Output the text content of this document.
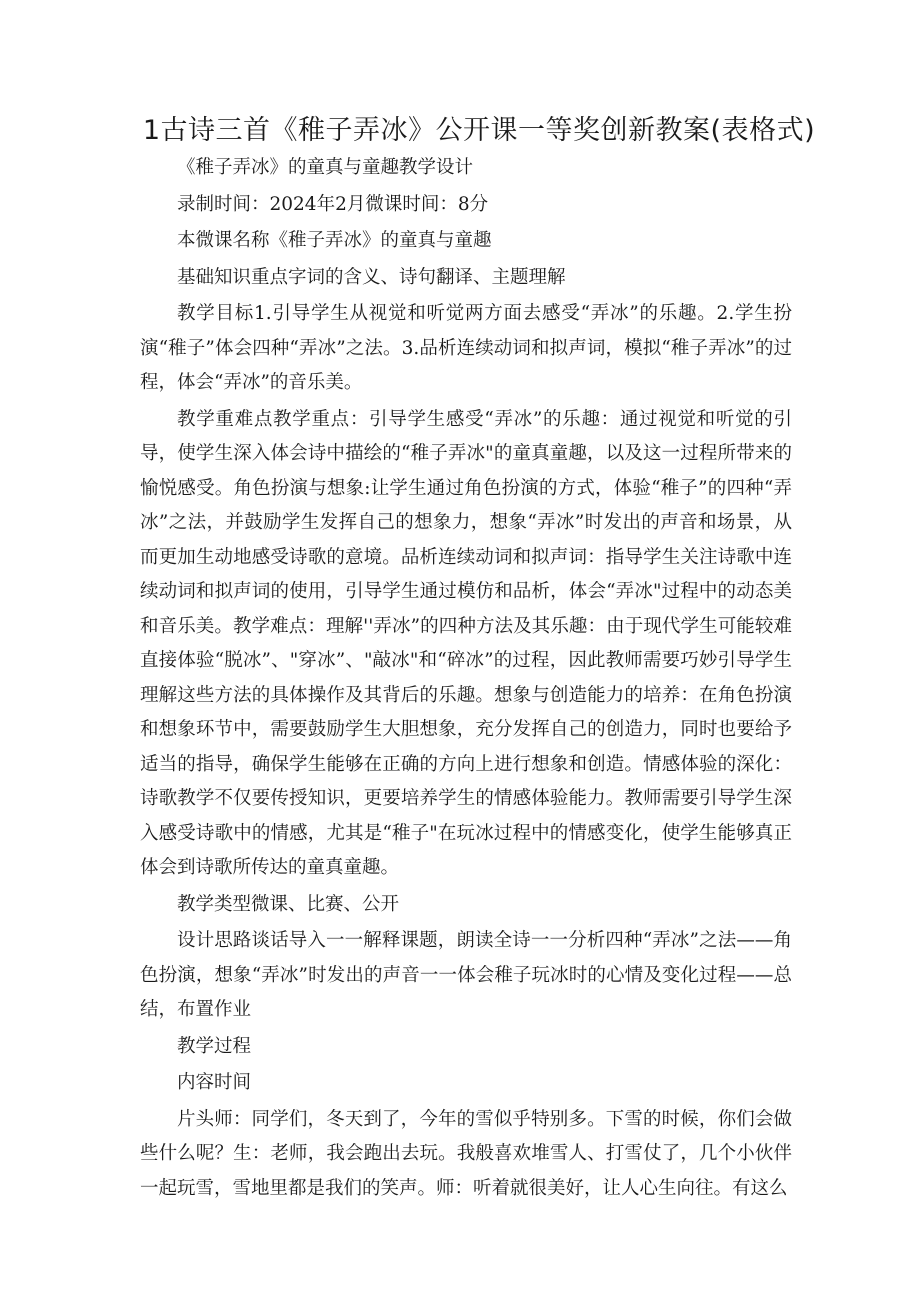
1古诗三首《稚子弄冰》公开课一等奖创新教案(表格式)

《稚子弄冰》的童真与童趣教学设计

录制时间：2024年2月微课时间：8分

本微课名称《稚子弄冰》的童真与童趣

基础知识重点字词的含义、诗句翻译、主题理解

教学目标1.引导学生从视觉和听觉两方面去感受“弄冰”的乐趣。2.学生扮演“稚子”体会四种“弄冰”之法。3.品析连续动词和拟声词，模拟“稚子弄冰”的过程，体会“弄冰”的音乐美。

教学重难点教学重点：引导学生感受“弄冰”的乐趣：通过视觉和听觉的引导，使学生深入体会诗中描绘的“稚子弄冰"的童真童趣，以及这一过程所带来的愉悦感受。角色扮演与想象:让学生通过角色扮演的方式，体验“稚子”的四种“弄冰”之法，并鼓励学生发挥自己的想象力，想象“弄冰”时发出的声音和场景，从而更加生动地感受诗歌的意境。品析连续动词和拟声词：指导学生关注诗歌中连续动词和拟声词的使用，引导学生通过模仿和品析，体会“弄冰"过程中的动态美和音乐美。教学难点：理解''弄冰”的四种方法及其乐趣：由于现代学生可能较难直接体验“脱冰”、"穿冰”、"敲冰"和“碎冰”的过程，因此教师需要巧妙引导学生理解这些方法的具体操作及其背后的乐趣。想象与创造能力的培养：在角色扮演和想象环节中，需要鼓励学生大胆想象，充分发挥自己的创造力，同时也要给予适当的指导，确保学生能够在正确的方向上进行想象和创造。情感体验的深化：诗歌教学不仅要传授知识，更要培养学生的情感体验能力。教师需要引导学生深入感受诗歌中的情感，尤其是“稚子"在玩冰过程中的情感变化，使学生能够真正体会到诗歌所传达的童真童趣。

教学类型微课、比赛、公开

设计思路谈话导入一一解释课题，朗读全诗一一分析四种“弄冰”之法——角色扮演，想象“弄冰”时发出的声音一一体会稚子玩冰时的心情及变化过程——总结，布置作业

教学过程

内容时间

片头师：同学们，冬天到了，今年的雪似乎特别多。下雪的时候，你们会做些什么呢？生：老师，我会跑出去玩。我般喜欢堆雪人、打雪仗了，几个小伙伴一起玩雪，雪地里都是我们的笑声。师：听着就很美好，让人心生向往。有这么
